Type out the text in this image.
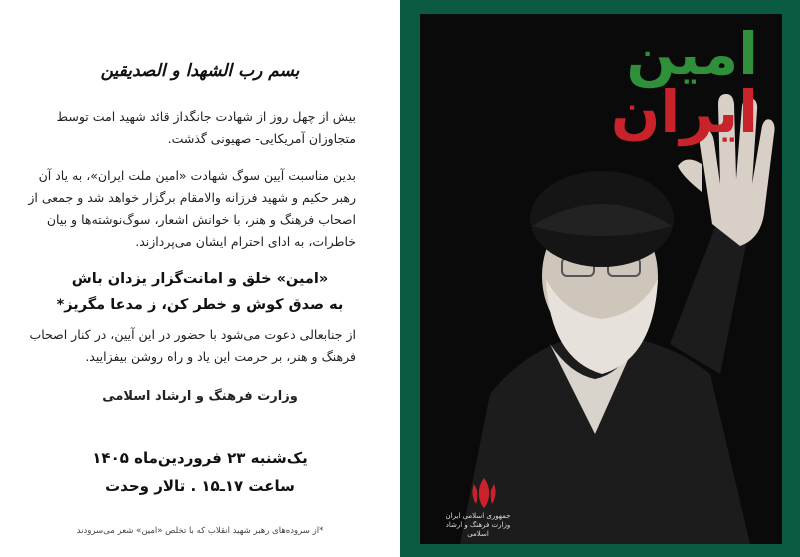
بسم رب الشهدا و الصدیقین
بیش از چهل روز از شهادت جانگداز قائد شهید امت توسط متجاوزان آمریکایی- صهیونی گذشت.
بدین مناسبت آیین سوگ شهادت «امین ملت ایران»، به یاد آن رهبر حکیم و شهید فرزانه والامقام برگزار خواهد شد و جمعی از اصحاب فرهنگ و هنر، با خوانش اشعار، سوگ‌نوشته‌ها و بیان خاطرات، به ادای احترام ایشان می‌پردازند.
«امین» خلق و امانت‌گزار یزدان باش
به صدق کوش و خطر کن، ز مدعا مگریز*
از جنابعالی دعوت می‌شود با حضور در این آیین، در کنار اصحاب فرهنگ و هنر، بر حرمت این یاد و راه روشن بیفزایید.
وزارت فرهنگ و ارشاد اسلامی
یک‌شنبه ۲۳ فروردین‌ماه ۱۴۰۵
ساعت ۱۷ـ۱۵ . تالار وحدت
*از سروده‌های رهبر شهید انقلاب که با تخلص «امین» شعر می‌سرودند
امین
ایران
جمهوری اسلامی ایران وزارت فرهنگ و ارشاد اسلامی
